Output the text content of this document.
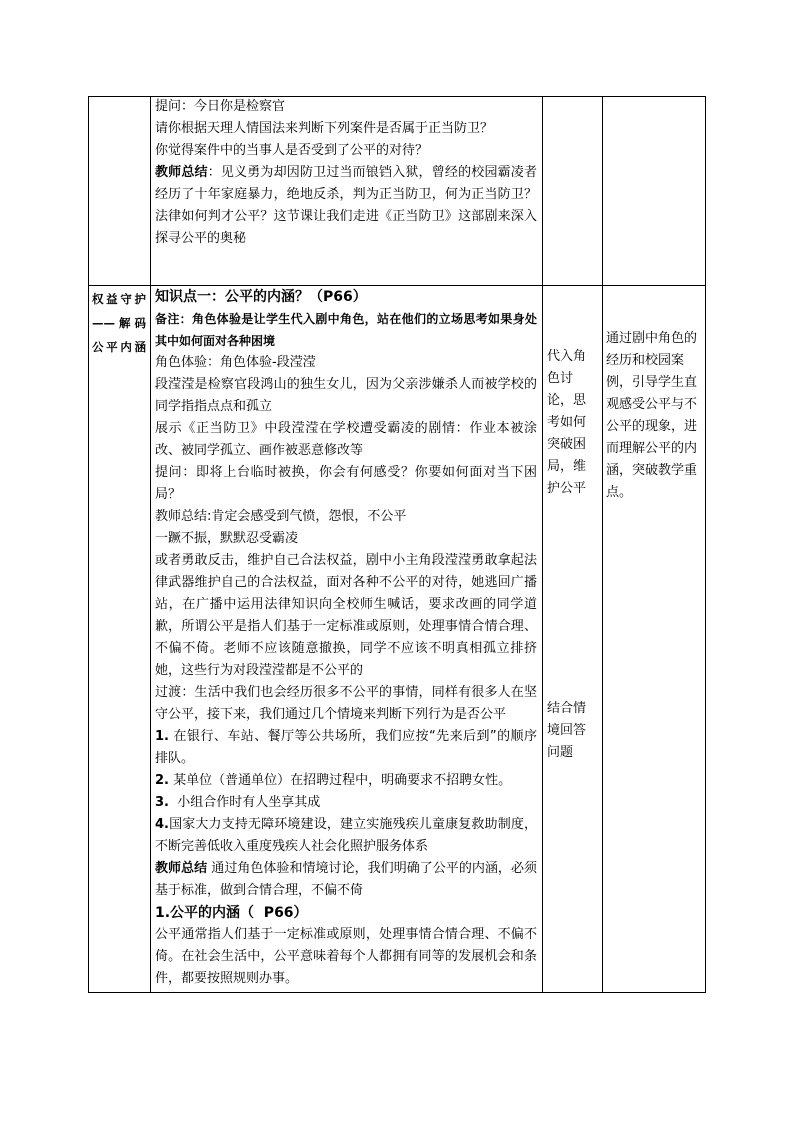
提问：今日你是检察官

请你根据天理人情国法来判断下列案件是否属于正当防卫？

你觉得案件中的当事人是否受到了公平的对待？

教师总结：见义勇为却因防卫过当而锒铛入狱，曾经的校园霸凌者经历了十年家庭暴力，绝地反杀，判为正当防卫，何为正当防卫？法律如何判才公平？这节课让我们走进《正当防卫》这部剧来深入探寻公平的奥秘

权益守护——解码公平内涵

知识点一：公平的内涵？（P66）

备注：角色体验是让学生代入剧中角色，站在他们的立场思考如果身处其中如何面对各种困境

角色体验：角色体验-段滢滢

段滢滢是检察官段鸿山的独生女儿，因为父亲涉嫌杀人而被学校的同学指指点点和孤立

展示《正当防卫》中段滢滢在学校遭受霸凌的剧情：作业本被涂改、被同学孤立、画作被恶意修改等

提问：即将上台临时被换，你会有何感受？你要如何面对当下困局？

教师总结:肯定会感受到气愤，怨恨，不公平

一蹶不振，默默忍受霸凌

或者勇敢反击，维护自己合法权益，剧中小主角段滢滢勇敢拿起法律武器维护自己的合法权益，面对各种不公平的对待，她逃回广播站，在广播中运用法律知识向全校师生喊话，要求改画的同学道歉，所谓公平是指人们基于一定标准或原则，处理事情合情合理、不偏不倚。老师不应该随意撤换，同学不应该不明真相孤立排挤她，这些行为对段滢滢都是不公平的

过渡：生活中我们也会经历很多不公平的事情，同样有很多人在坚守公平，接下来，我们通过几个情境来判断下列行为是否公平

1. 在银行、车站、餐厅等公共场所，我们应按“先来后到”的顺序排队。

2. 某单位（普通单位）在招聘过程中，明确要求不招聘女性。

3.  小组合作时有人坐享其成

4.国家大力支持无障环境建设，建立实施残疾儿童康复救助制度，不断完善低收入重度残疾人社会化照护服务体系

教师总结 通过角色体验和情境讨论，我们明确了公平的内涵，必须基于标准，做到合情合理，不偏不倚

1.公平的内涵（  P66）

公平通常指人们基于一定标准或原则，处理事情合情合理、不偏不倚。在社会生活中，公平意味着每个人都拥有同等的发展机会和条件，都要按照规则办事。

代入角色讨论，思考如何突破困局，维护公平
结合情境回答问题
通过剧中角色的经历和校园案例，引导学生直观感受公平与不公平的现象，进而理解公平的内涵，突破教学重点。
